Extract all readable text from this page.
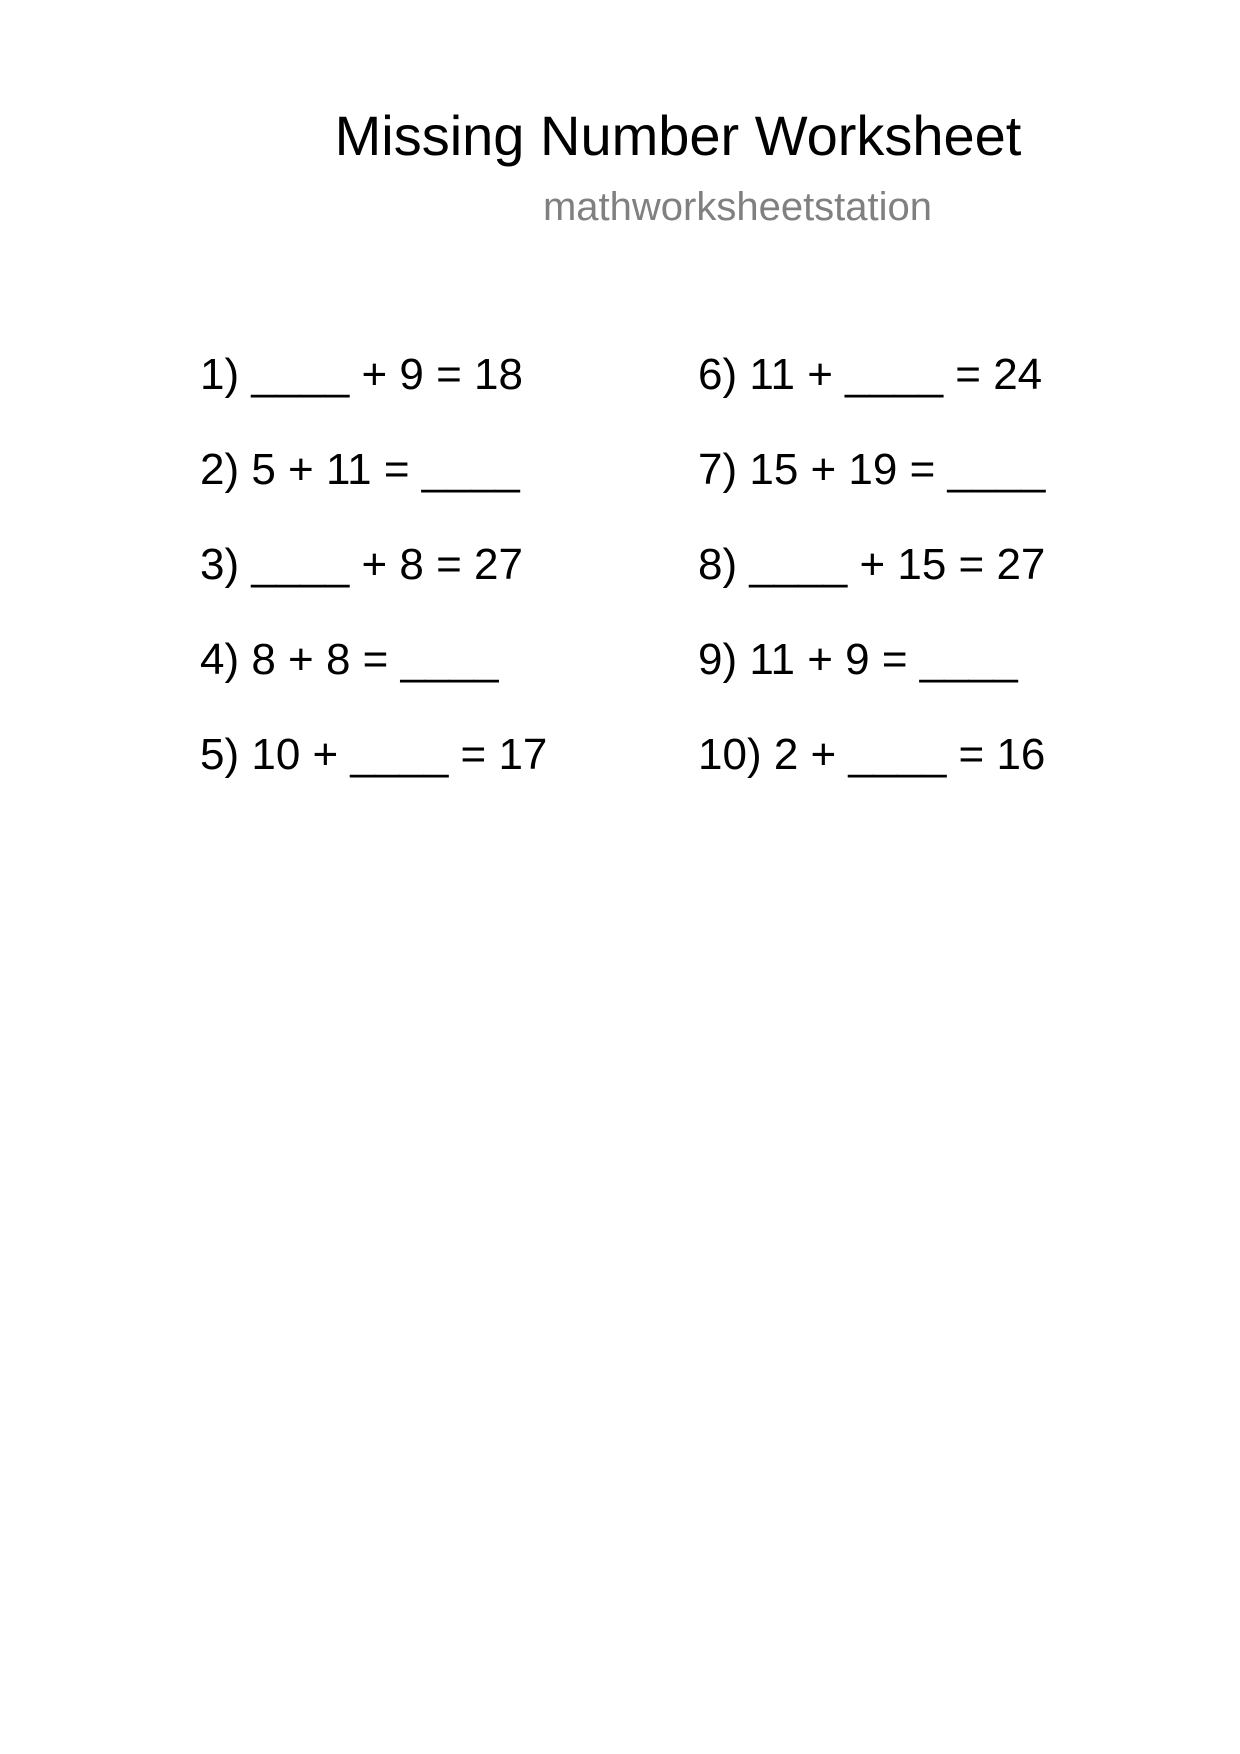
Missing Number Worksheet
mathworksheetstation
1) ____ + 9 = 18
2) 5 + 11 = ____
3) ____ + 8 = 27
4) 8 + 8 = ____
5) 10 + ____ = 17
6) 11 + ____ = 24
7) 15 + 19 = ____
8) ____ + 15 = 27
9) 11 + 9 = ____
10) 2 + ____ = 16
